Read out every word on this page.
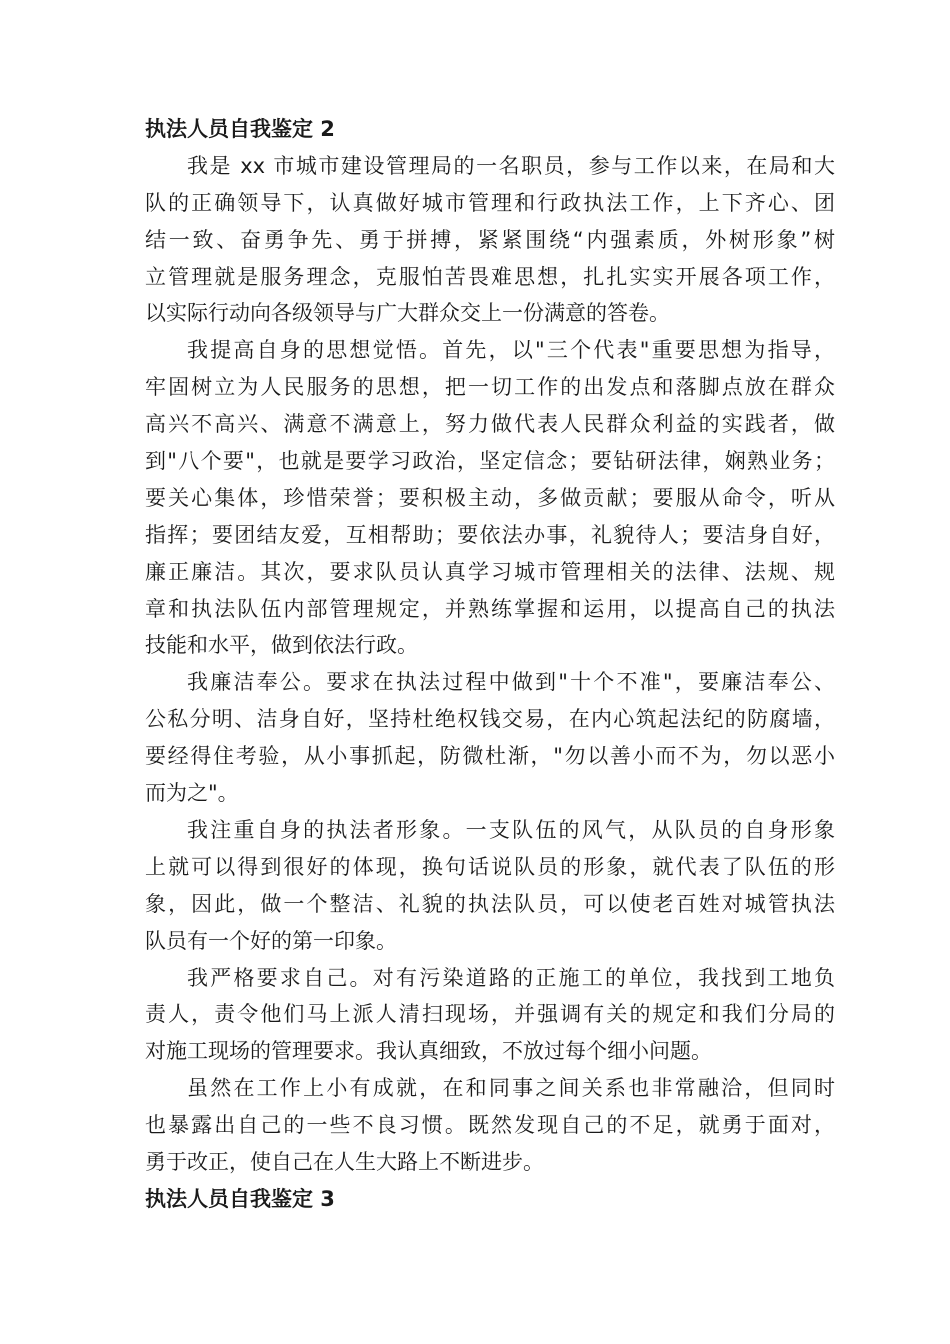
执法人员自我鉴定 2
我是 xx 市城市建设管理局的一名职员，参与工作以来，在局和大
队的正确领导下，认真做好城市管理和行政执法工作，上下齐心、团
结一致、奋勇争先、勇于拼搏，紧紧围绕“内强素质，外树形象”树
立管理就是服务理念，克服怕苦畏难思想，扎扎实实开展各项工作，
以实际行动向各级领导与广大群众交上一份满意的答卷。
我提高自身的思想觉悟。首先，以"三个代表"重要思想为指导，
牢固树立为人民服务的思想，把一切工作的出发点和落脚点放在群众
高兴不高兴、满意不满意上，努力做代表人民群众利益的实践者，做
到"八个要"，也就是要学习政治，坚定信念；要钻研法律，娴熟业务；
要关心集体，珍惜荣誉；要积极主动，多做贡献；要服从命令，听从
指挥；要团结友爱，互相帮助；要依法办事，礼貌待人；要洁身自好，
廉正廉洁。其次，要求队员认真学习城市管理相关的法律、法规、规
章和执法队伍内部管理规定，并熟练掌握和运用，以提高自己的执法
技能和水平，做到依法行政。
我廉洁奉公。要求在执法过程中做到"十个不准"，要廉洁奉公、
公私分明、洁身自好，坚持杜绝权钱交易，在内心筑起法纪的防腐墙，
要经得住考验，从小事抓起，防微杜渐，"勿以善小而不为，勿以恶小
而为之"。
我注重自身的执法者形象。一支队伍的风气，从队员的自身形象
上就可以得到很好的体现，换句话说队员的形象，就代表了队伍的形
象，因此，做一个整洁、礼貌的执法队员，可以使老百姓对城管执法
队员有一个好的第一印象。
我严格要求自己。对有污染道路的正施工的单位，我找到工地负
责人，责令他们马上派人清扫现场，并强调有关的规定和我们分局的
对施工现场的管理要求。我认真细致，不放过每个细小问题。
虽然在工作上小有成就，在和同事之间关系也非常融洽，但同时
也暴露出自己的一些不良习惯。既然发现自己的不足，就勇于面对，
勇于改正，使自己在人生大路上不断进步。
执法人员自我鉴定 3
